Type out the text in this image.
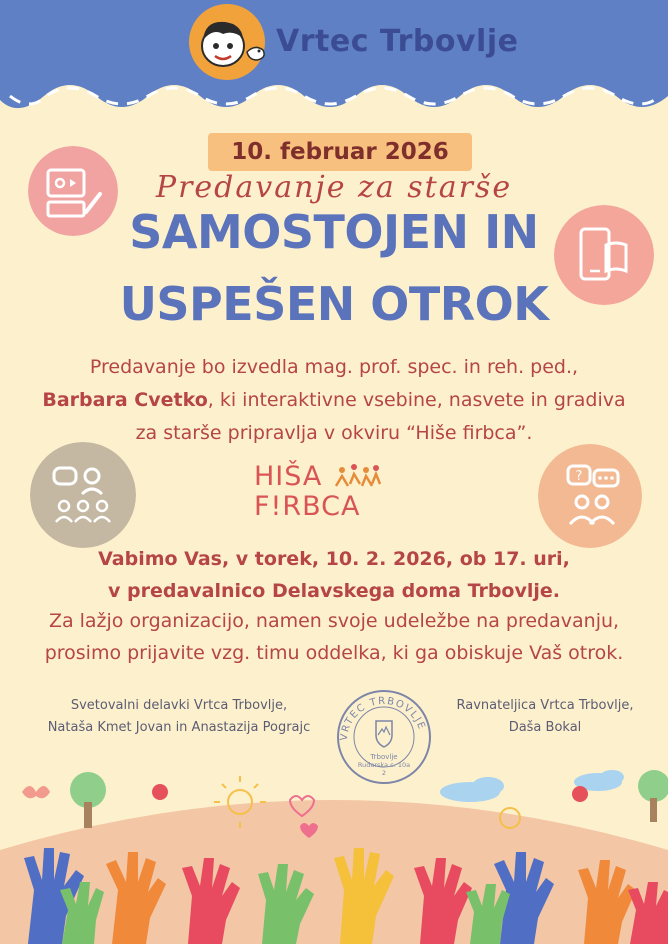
Vrtec Trbovlje
10. februar 2026
Predavanje za starše
SAMOSTOJEN IN
USPEŠEN OTROK
?
Predavanje bo izvedla mag. prof. spec. in reh. ped.,
Barbara Cvetko, ki interaktivne vsebine, nasvete in gradiva
za starše pripravlja v okviru “Hiše firbca”.
HIŠA
F!RBCA
Vabimo Vas, v torek, 10. 2. 2026, ob 17. uri,
v predavalnico Delavskega doma Trbovlje.
Za lažjo organizacijo, namen svoje udeležbe na predavanju,
prosimo prijavite vzg. timu oddelka, ki ga obiskuje Vaš otrok.
Svetovalni delavki Vrtca Trbovlje,
Nataša Kmet Jovan in Anastazija Pograjc
Ravnateljica Vrtca Trbovlje,
Daša Bokal
VRTEC TRBOVLJE
Trbovlje
Rudarska c. 10a
2
